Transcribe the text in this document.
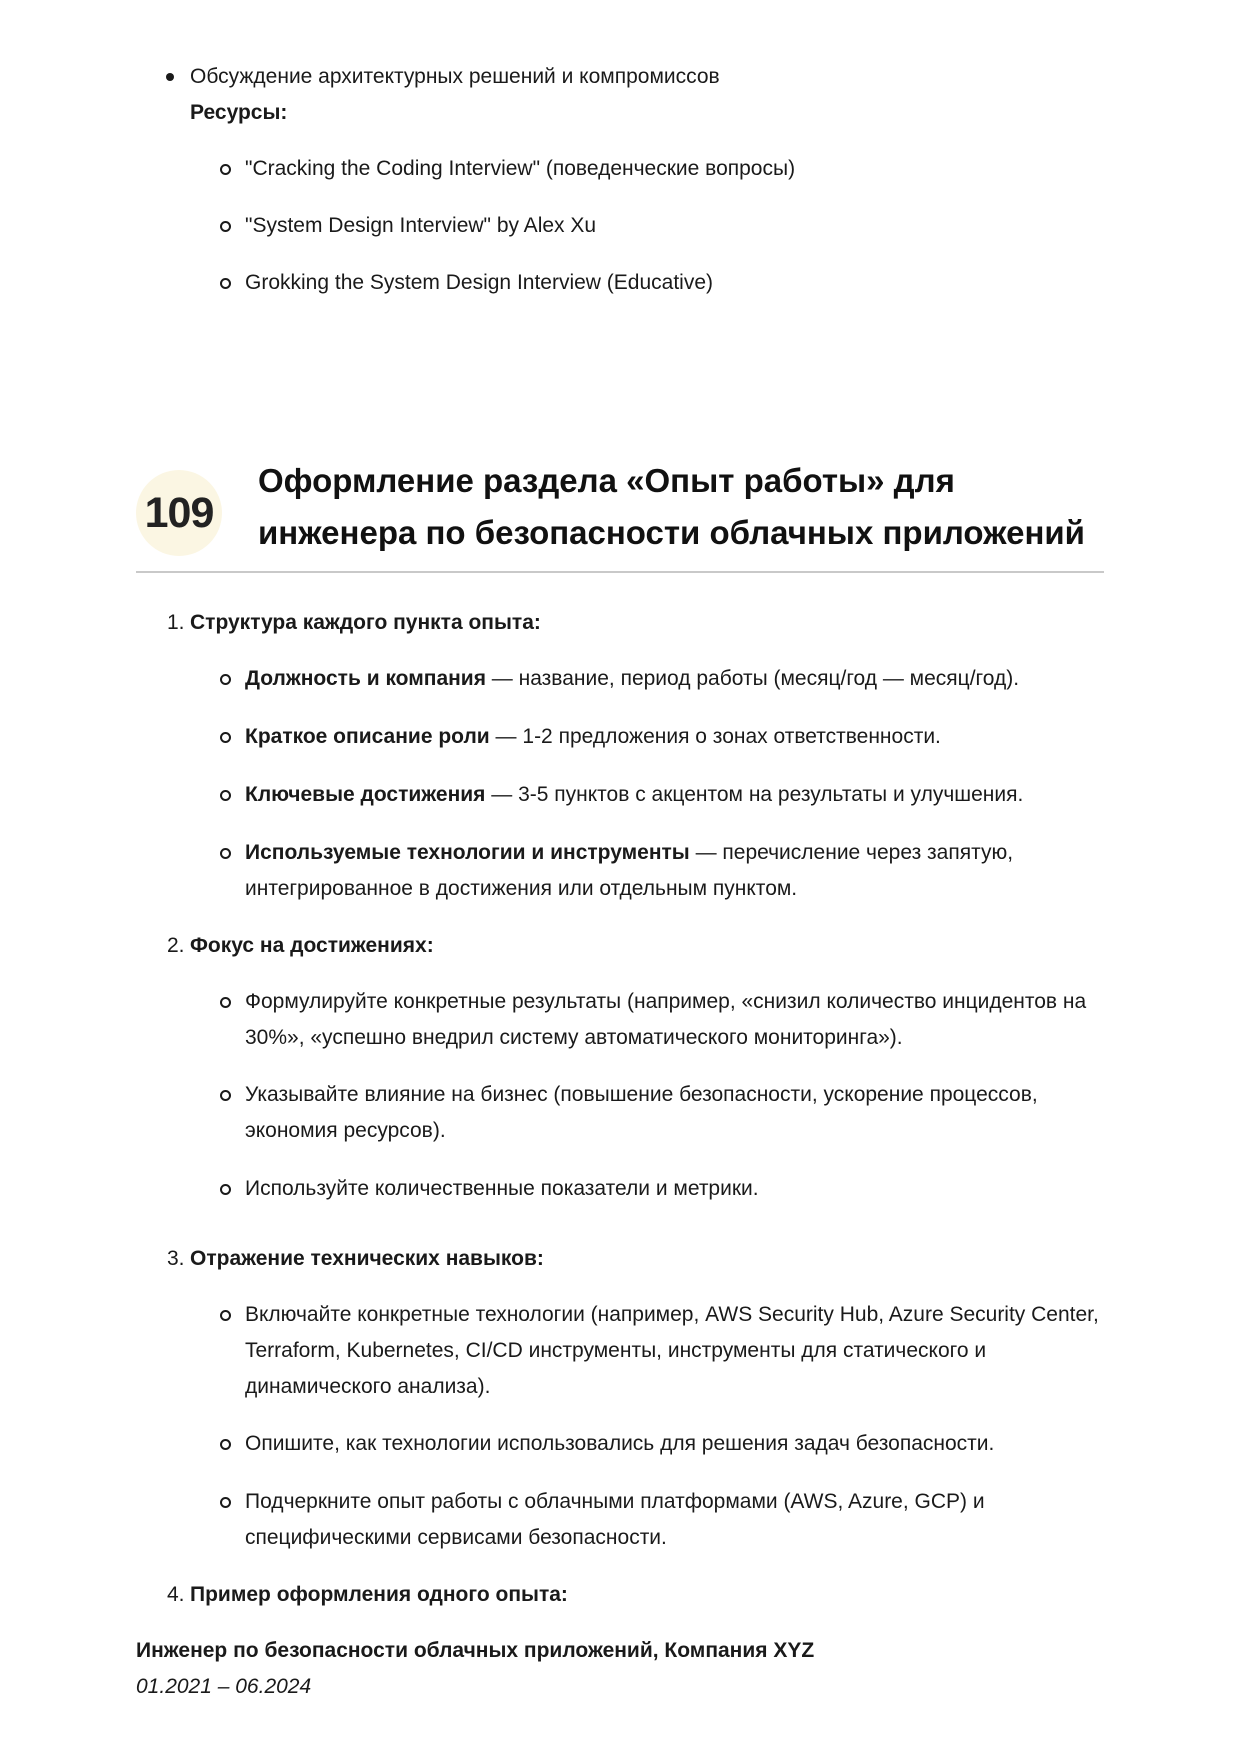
Обсуждение архитектурных решений и компромиссов
Ресурсы:
"Cracking the Coding Interview" (поведенческие вопросы)
"System Design Interview" by Alex Xu
Grokking the System Design Interview (Educative)
109
Оформление раздела «Опыт работы» для инженера по безопасности облачных приложений
1. Структура каждого пункта опыта:
Должность и компания — название, период работы (месяц/год — месяц/год).
Краткое описание роли — 1-2 предложения о зонах ответственности.
Ключевые достижения — 3-5 пунктов с акцентом на результаты и улучшения.
Используемые технологии и инструменты — перечисление через запятую, интегрированное в достижения или отдельным пунктом.
2. Фокус на достижениях:
Формулируйте конкретные результаты (например, «снизил количество инцидентов на 30%», «успешно внедрил систему автоматического мониторинга»).
Указывайте влияние на бизнес (повышение безопасности, ускорение процессов, экономия ресурсов).
Используйте количественные показатели и метрики.
3. Отражение технических навыков:
Включайте конкретные технологии (например, AWS Security Hub, Azure Security Center, Terraform, Kubernetes, CI/CD инструменты, инструменты для статического и динамического анализа).
Опишите, как технологии использовались для решения задач безопасности.
Подчеркните опыт работы с облачными платформами (AWS, Azure, GCP) и специфическими сервисами безопасности.
4. Пример оформления одного опыта:
Инженер по безопасности облачных приложений, Компания XYZ
01.2021 – 06.2024
